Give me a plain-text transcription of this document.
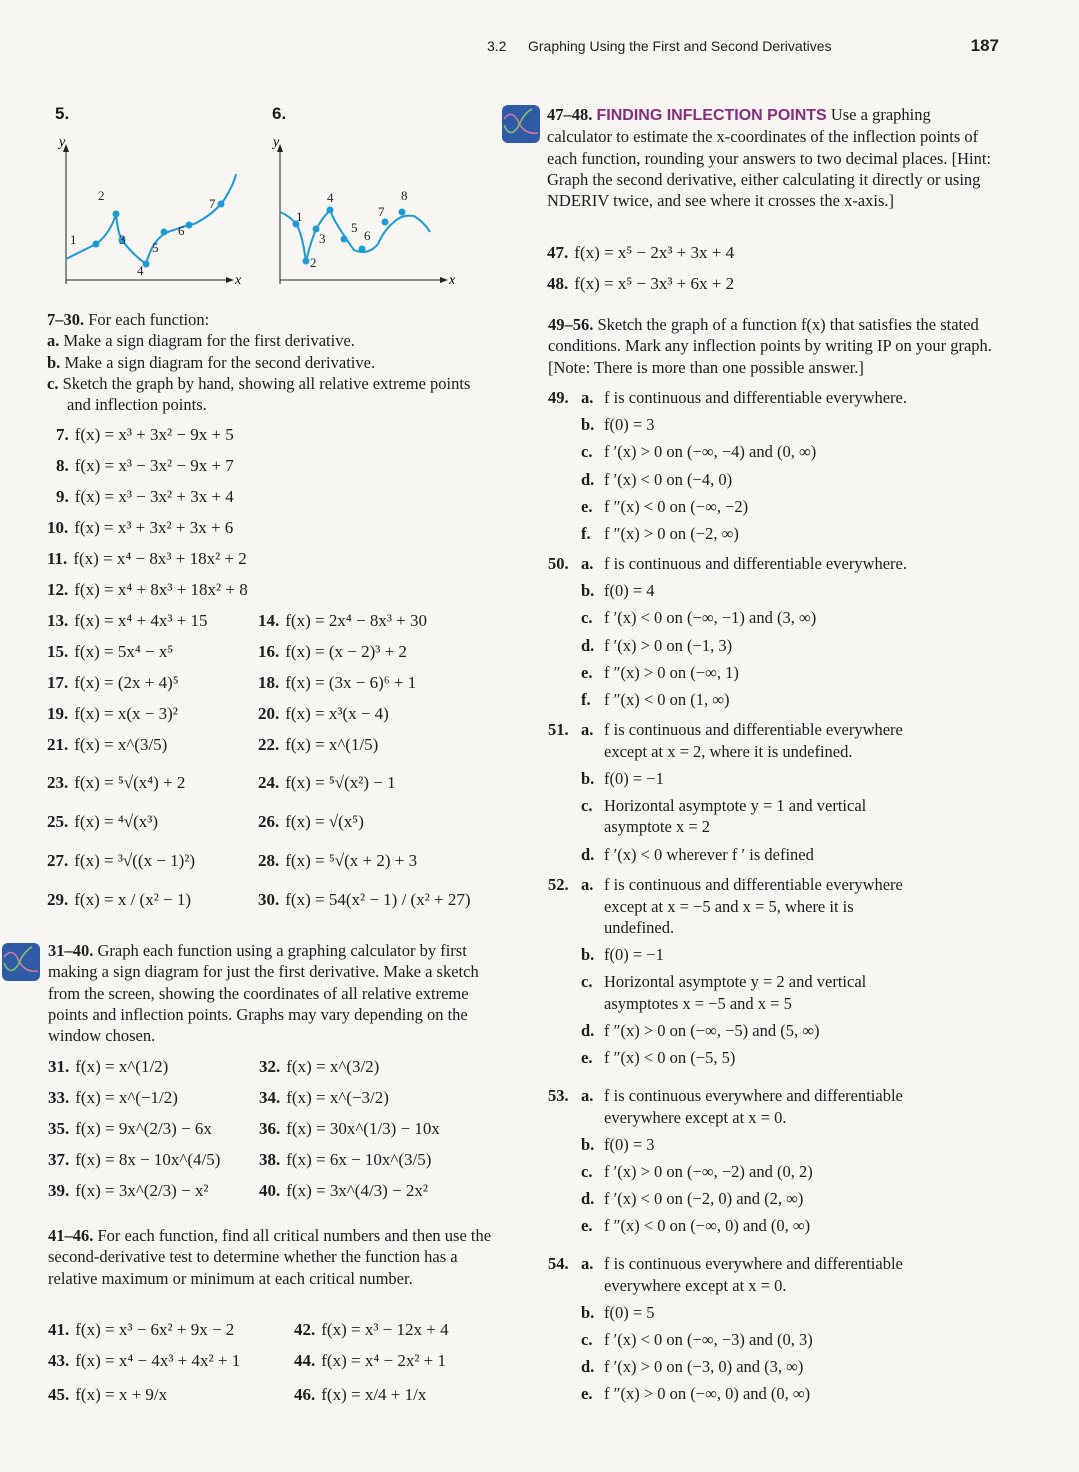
3.2 Graphing Using the First and Second Derivatives	187
5.
y
x
1
2
3
4
5
6
7
6.
y
x
1
2
3
4
5
6
7
8

7–30. For each function:

a. Make a sign diagram for the first derivative.

b. Make a sign diagram for the second derivative.

c. Sketch the graph by hand, showing all relative extreme points and inflection points.

7. f(x) = x³ + 3x² − 9x + 5
8. f(x) = x³ − 3x² − 9x + 7
9. f(x) = x³ − 3x² + 3x + 4
10. f(x) = x³ + 3x² + 3x + 6
11. f(x) = x⁴ − 8x³ + 18x² + 2
12. f(x) = x⁴ + 8x³ + 18x² + 8
13. f(x) = x⁴ + 4x³ + 15	14. f(x) = 2x⁴ − 8x³ + 30
15. f(x) = 5x⁴ − x⁵	16. f(x) = (x − 2)³ + 2
17. f(x) = (2x + 4)⁵	18. f(x) = (3x − 6)⁶ + 1
19. f(x) = x(x − 3)²	20. f(x) = x³(x − 4)
21. f(x) = x^(3/5)	22. f(x) = x^(1/5)
23. f(x) = ⁵√(x⁴) + 2	24. f(x) = ⁵√(x²) − 1
25. f(x) = ⁴√(x³)	26. f(x) = √(x⁵)
27. f(x) = ³√((x − 1)²)	28. f(x) = ⁵√(x + 2) + 3
29. f(x) = x / (x² − 1)	30. f(x) = 54(x² − 1) / (x² + 27)

31–40. Graph each function using a graphing calculator by first making a sign diagram for just the first derivative. Make a sketch from the screen, showing the coordinates of all relative extreme points and inflection points. Graphs may vary depending on the window chosen.

31. f(x) = x^(1/2)	32. f(x) = x^(3/2)
33. f(x) = x^(−1/2)	34. f(x) = x^(−3/2)
35. f(x) = 9x^(2/3) − 6x	36. f(x) = 30x^(1/3) − 10x
37. f(x) = 8x − 10x^(4/5) 38. f(x) = 6x − 10x^(3/5)
39. f(x) = 3x^(2/3) − x²	40. f(x) = 3x^(4/3) − 2x²

41–46. For each function, find all critical numbers and then use the second-derivative test to determine whether the function has a relative maximum or minimum at each critical number.

41. f(x) = x³ − 6x² + 9x − 2	42. f(x) = x³ − 12x + 4
43. f(x) = x⁴ − 4x³ + 4x² + 1	44. f(x) = x⁴ − 2x² + 1
45. f(x) = x + 9/x	46. f(x) = x/4 + 1/x

47–48. FINDING INFLECTION POINTS Use a graphing calculator to estimate the x-coordinates of the inflection points of each function, rounding your answers to two decimal places. [Hint: Graph the second derivative, either calculating it directly or using NDERIV twice, and see where it crosses the x-axis.]

47. f(x) = x⁵ − 2x³ + 3x + 4
48. f(x) = x⁵ − 3x³ + 6x + 2

49–56. Sketch the graph of a function f(x) that satisfies the stated conditions. Mark any inflection points by writing IP on your graph. [Note: There is more than one possible answer.]

49. a. f is continuous and differentiable everywhere.
b. f(0) = 3
c. f ′(x) > 0 on (−∞, −4) and (0, ∞)
d. f ′(x) < 0 on (−4, 0)
e. f ″(x) < 0 on (−∞, −2)
f. f ″(x) > 0 on (−2, ∞)
50. a. f is continuous and differentiable everywhere.
b. f(0) = 4
c. f ′(x) < 0 on (−∞, −1) and (3, ∞)
d. f ′(x) > 0 on (−1, 3)
e. f ″(x) > 0 on (−∞, 1)
f. f ″(x) < 0 on (1, ∞)
51. a. f is continuous and differentiable everywhere
except at x = 2, where it is undefined.
b. f(0) = −1
c. Horizontal asymptote y = 1 and vertical
asymptote x = 2
d. f ′(x) < 0 wherever f ′ is defined
52. a. f is continuous and differentiable everywhere
except at x = −5 and x = 5, where it is
undefined.
b. f(0) = −1
c. Horizontal asymptote y = 2 and vertical
asymptotes x = −5 and x = 5
d. f ″(x) > 0 on (−∞, −5) and (5, ∞)
e. f ″(x) < 0 on (−5, 5)
53. a. f is continuous everywhere and differentiable
everywhere except at x = 0.
b. f(0) = 3
c. f ′(x) > 0 on (−∞, −2) and (0, 2)
d. f ′(x) < 0 on (−2, 0) and (2, ∞)
e. f ″(x) < 0 on (−∞, 0) and (0, ∞)
54. a. f is continuous everywhere and differentiable
everywhere except at x = 0.
b. f(0) = 5
c. f ′(x) < 0 on (−∞, −3) and (0, 3)
d. f ′(x) > 0 on (−3, 0) and (3, ∞)
e. f ″(x) > 0 on (−∞, 0) and (0, ∞)
